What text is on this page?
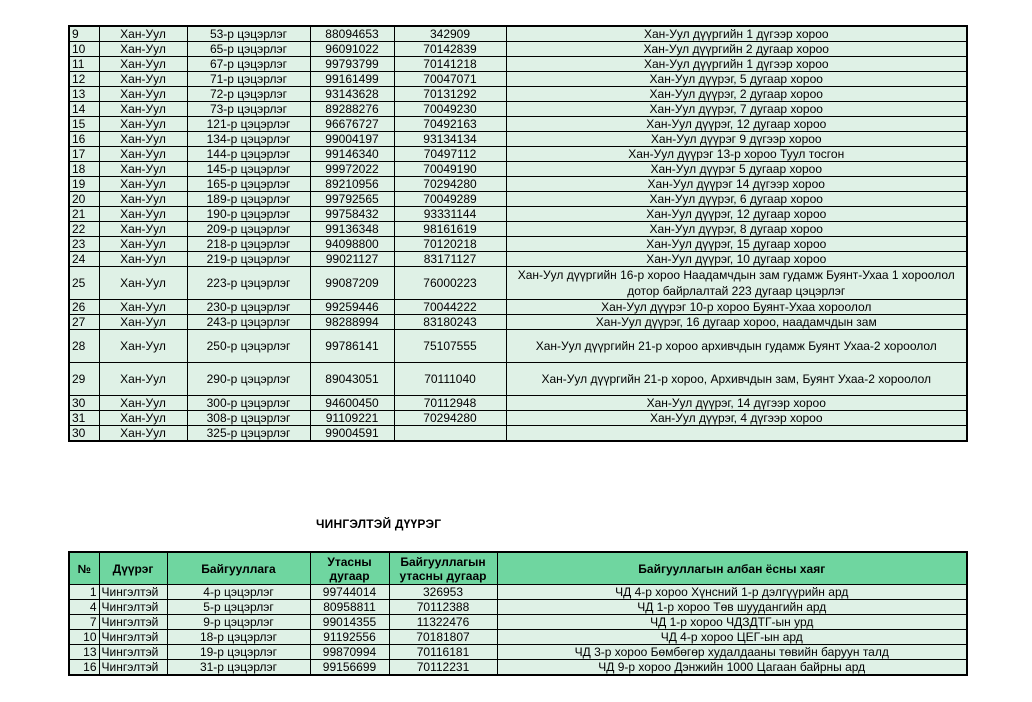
9	Хан-Уул	53-р цэцэрлэг	88094653	342909	Хан-Уул дүүргийн 1 дүгээр хороо
10	Хан-Уул	65-р цэцэрлэг	96091022	70142839	Хан-Уул дүүргийн 2 дугаар хороо
11	Хан-Уул	67-р цэцэрлэг	99793799	70141218	Хан-Уул дүүргийн 1 дүгээр хороо
12	Хан-Уул	71-р цэцэрлэг	99161499	70047071	Хан-Уул дүүрэг, 5 дугаар хороо
13	Хан-Уул	72-р цэцэрлэг	93143628	70131292	Хан-Уул дүүрэг, 2 дугаар хороо
14	Хан-Уул	73-р цэцэрлэг	89288276	70049230	Хан-Уул дүүрэг, 7 дугаар хороо
15	Хан-Уул	121-р цэцэрлэг	96676727	70492163	Хан-Уул дүүрэг, 12 дугаар хороо
16	Хан-Уул	134-р цэцэрлэг	99004197	93134134	Хан-Уул дүүрэг 9 дүгээр хороо
17	Хан-Уул	144-р цэцэрлэг	99146340	70497112	Хан-Уул дүүрэг 13-р хороо Туул тосгон
18	Хан-Уул	145-р цэцэрлэг	99972022	70049190	Хан-Уул дүүрэг 5 дугаар хороо
19	Хан-Уул	165-р цэцэрлэг	89210956	70294280	Хан-Уул дүүрэг 14 дүгээр хороо
20	Хан-Уул	189-р цэцэрлэг	99792565	70049289	Хан-Уул дүүрэг, 6 дугаар хороо
21	Хан-Уул	190-р цэцэрлэг	99758432	93331144	Хан-Уул дүүрэг, 12 дугаар хороо
22	Хан-Уул	209-р цэцэрлэг	99136348	98161619	Хан-Уул дүүрэг, 8 дугаар хороо
23	Хан-Уул	218-р цэцэрлэг	94098800	70120218	Хан-Уул дүүрэг, 15 дугаар хороо
24	Хан-Уул	219-р цэцэрлэг	99021127	83171127	Хан-Уул дүүрэг, 10 дугаар хороо
25	Хан-Уул	223-р цэцэрлэг	99087209	76000223	Хан-Уул дүүргийн 16-р хороо Наадамчдын зам гудамж Буянт-Ухаа 1 хороолол дотор байрлалтай 223 дугаар цэцэрлэг
26	Хан-Уул	230-р цэцэрлэг	99259446	70044222	Хан-Уул дүүрэг 10-р хороо Буянт-Ухаа хороолол
27	Хан-Уул	243-р цэцэрлэг	98288994	83180243	Хан-Уул дүүрэг, 16 дугаар хороо, наадамчдын зам
28	Хан-Уул	250-р цэцэрлэг	99786141	75107555	Хан-Уул дүүргийн 21-р хороо архивчдын гудамж Буянт Ухаа-2 хороолол
29	Хан-Уул	290-р цэцэрлэг	89043051	70111040	Хан-Уул дүүргийн 21-р хороо, Архивчдын зам, Буянт Ухаа-2 хороолол
30	Хан-Уул	300-р цэцэрлэг	94600450	70112948	Хан-Уул дүүрэг, 14 дүгээр хороо
31	Хан-Уул	308-р цэцэрлэг	91109221	70294280	Хан-Уул дүүрэг, 4 дүгээр хороо
30	Хан-Уул	325-р цэцэрлэг	99004591		
ЧИНГЭЛТЭЙ ДҮҮРЭГ
№	Дүүрэг	Байгууллага	Утасны дугаар	Байгууллагын утасны дугаар	Байгууллагын албан ёсны хаяг
1	Чингэлтэй	4-р цэцэрлэг	99744014	326953	ЧД 4-р хороо Хүнсний 1-р дэлгүүрийн ард
4	Чингэлтэй	5-р цэцэрлэг	80958811	70112388	ЧД 1-р хороо Төв шуудангийн ард
7	Чингэлтэй	9-р цэцэрлэг	99014355	11322476	ЧД 1-р хороо ЧДЗДТГ-ын урд
10	Чингэлтэй	18-р цэцэрлэг	91192556	70181807	ЧД 4-р хороо ЦЕГ-ын ард
13	Чингэлтэй	19-р цэцэрлэг	99870994	70116181	ЧД 3-р хороо Бөмбөгөр худалдааны төвийн баруун талд
16	Чингэлтэй	31-р цэцэрлэг	99156699	70112231	ЧД 9-р хороо Дэнжийн 1000 Цагаан байрны ард
